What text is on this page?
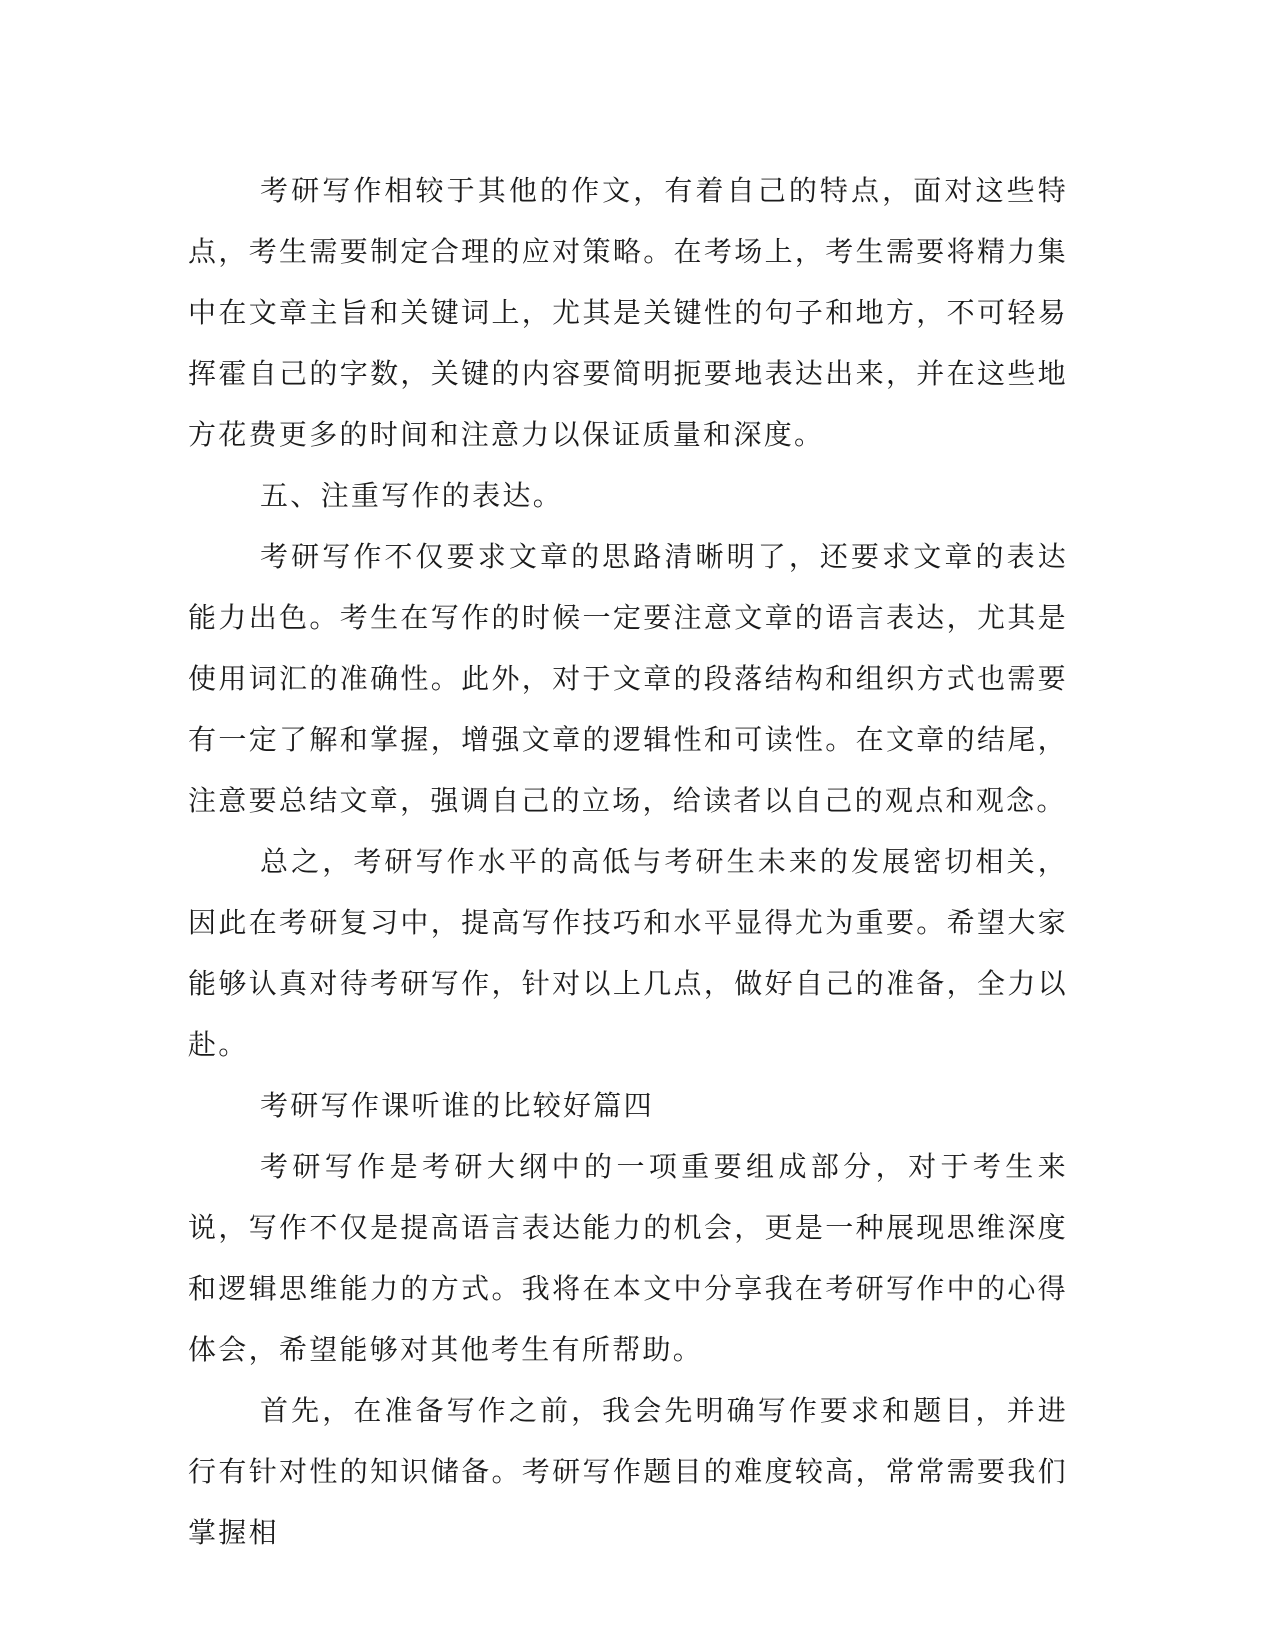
考研写作相较于其他的作文，有着自己的特点，面对这些特点，考生需要制定合理的应对策略。在考场上，考生需要将精力集中在文章主旨和关键词上，尤其是关键性的句子和地方，不可轻易挥霍自己的字数，关键的内容要简明扼要地表达出来，并在这些地方花费更多的时间和注意力以保证质量和深度。

五、注重写作的表达。

考研写作不仅要求文章的思路清晰明了，还要求文章的表达能力出色。考生在写作的时候一定要注意文章的语言表达，尤其是使用词汇的准确性。此外，对于文章的段落结构和组织方式也需要有一定了解和掌握，增强文章的逻辑性和可读性。在文章的结尾，注意要总结文章，强调自己的立场，给读者以自己的观点和观念。

总之，考研写作水平的高低与考研生未来的发展密切相关，因此在考研复习中，提高写作技巧和水平显得尤为重要。希望大家能够认真对待考研写作，针对以上几点，做好自己的准备，全力以赴。

考研写作课听谁的比较好篇四

考研写作是考研大纲中的一项重要组成部分，对于考生来说，写作不仅是提高语言表达能力的机会，更是一种展现思维深度和逻辑思维能力的方式。我将在本文中分享我在考研写作中的心得体会，希望能够对其他考生有所帮助。

首先，在准备写作之前，我会先明确写作要求和题目，并进行有针对性的知识储备。考研写作题目的难度较高，常常需要我们掌握相
